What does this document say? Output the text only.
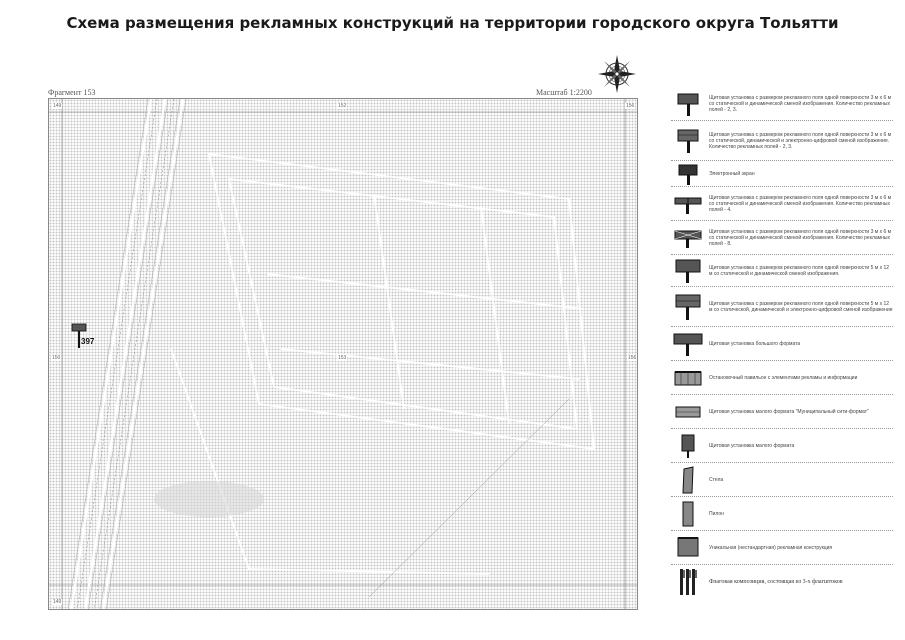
Схема размещения рекламных конструкций на территории городского округа Тольятти
Фрагмент 153	Масштаб 1:2200
149	152	156
150	153	156
149
397
Щитовая установка с размером рекламного поля одной поверхности 3 м х 6 м со статической и динамической сменой изображения. Количество рекламных полей - 2, 3.
Щитовая установка с размером рекламного поля одной поверхности 3 м х 6 м со статической, динамической и электронно-цифровой сменой изображения. Количество рекламных полей - 2, 3.
Электронный экран
Щитовая установка с размером рекламного поля одной поверхности 3 м х 6 м со статической и динамической сменой изображения. Количество рекламных полей - 4.
Щитовая установка с размером рекламного поля одной поверхности 3 м х 6 м со статической и динамической сменой изображения. Количество рекламных полей - 8.
Щитовая установка с размером рекламного поля одной поверхности 5 м х 12 м со статической и динамической сменой изображения.
Щитовая установка с размером рекламного поля одной поверхности 5 м х 12 м со статической, динамической и электронно-цифровой сменой изображения
Щитовая установка большого формата
Остановочный павильон с элементами рекламы и информации
Щитовая установка малого формата "Муниципальный сити-формат"
Щитовая установка малого формата
Стела
Пилон
Уникальная (нестандартная) рекламная конструкция
Флаговая композиция, состоящая из 3-х флагштоков
